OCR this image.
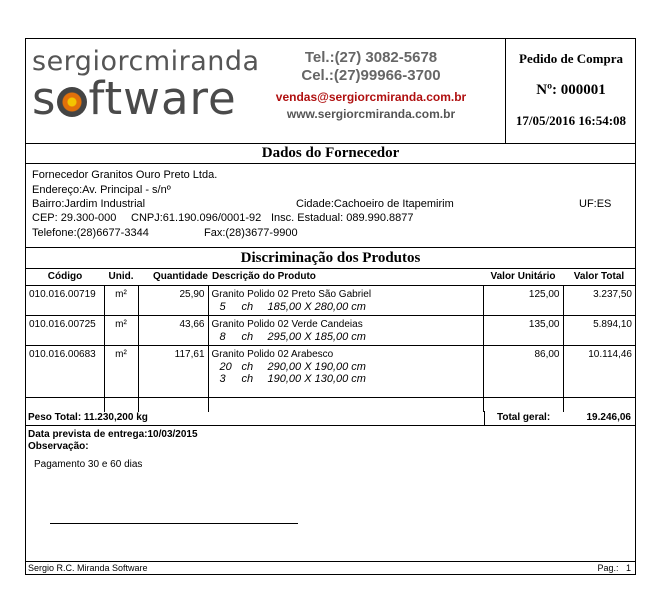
sergiorcmiranda
s ftware
Tel.:(27) 3082-5678
Cel.:(27)99966-3700
vendas@sergiorcmiranda.com.br
www.sergiorcmiranda.com.br
Pedido de Compra
Nº: 000001
17/05/2016 16:54:08
Dados do Fornecedor
Fornecedor Granitos Ouro Preto Ltda.
Endereço:Av. Principal - s/nº
Bairro:Jardim Industrial	Cidade:Cachoeiro de Itapemirim	UF:ES
CEP: 29.300-000 CNPJ:61.190.096/0001-92 Insc. Estadual: 089.990.8877
Telefone:(28)6677-3344	Fax:(28)3677-9900
Discriminação dos Produtos
Código	Unid.	Quantidade	Descrição do Produto	Valor Unitário	Valor Total
010.016.00719	m²	25,90	Granito Polido 02 Preto São Gabriel
5 ch 185,00 X 280,00 cm	125,00	3.237,50
010.016.00725	m²	43,66	Granito Polido 02 Verde Candeias
8 ch 295,00 X 185,00 cm	135,00	5.894,10
010.016.00683	m²	117,61	Granito Polido 02 Arabesco
20 ch 290,00 X 190,00 cm
3 ch 190,00 X 130,00 cm	86,00	10.114,46

Peso Total: 11.230,200 kg	Total geral:	19.246,06
Data prevista de entrega:10/03/2015
Observação:
Pagamento 30 e 60 dias
Sergio R.C. Miranda Software	Pag.: 1
